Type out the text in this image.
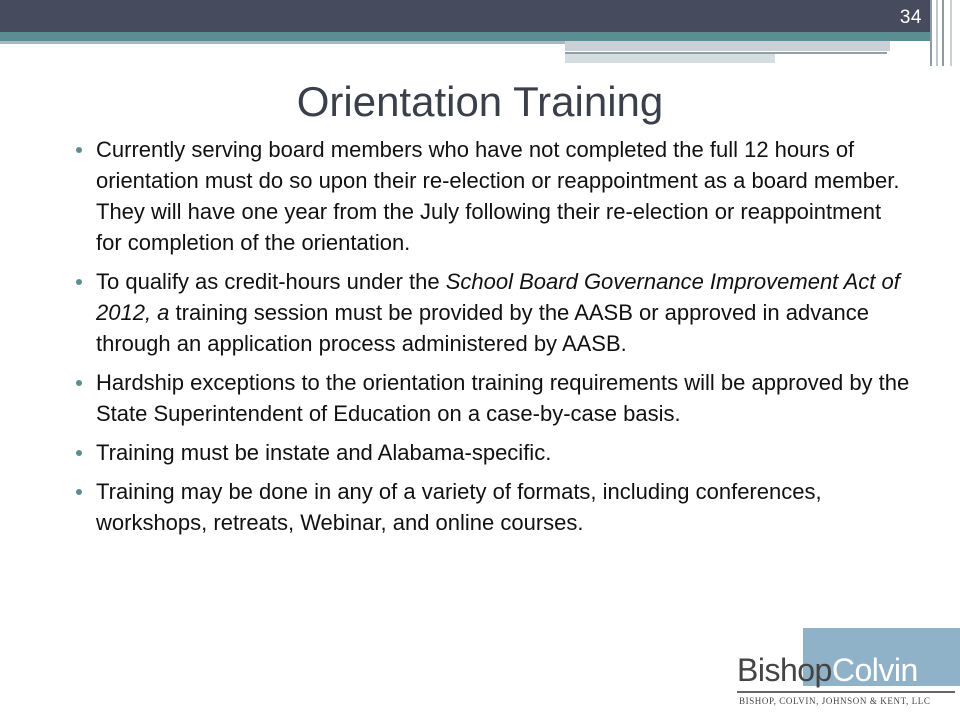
34
Orientation Training
Currently serving board members who have not completed the full 12 hours of orientation must do so upon their re-election or reappointment as a board member. They will have one year from the July following their re-election or reappointment for completion of the orientation.
To qualify as credit-hours under the School Board Governance Improvement Act of 2012, a training session must be provided by the AASB or approved in advance through an application process administered by AASB.
Hardship exceptions to the orientation training requirements will be approved by the State Superintendent of Education on a case-by-case basis.
Training must be instate and Alabama-specific.
Training may be done in any of a variety of formats, including conferences, workshops, retreats, Webinar, and online courses.
BishopColvin
BISHOP, COLVIN, JOHNSON & KENT, LLC
